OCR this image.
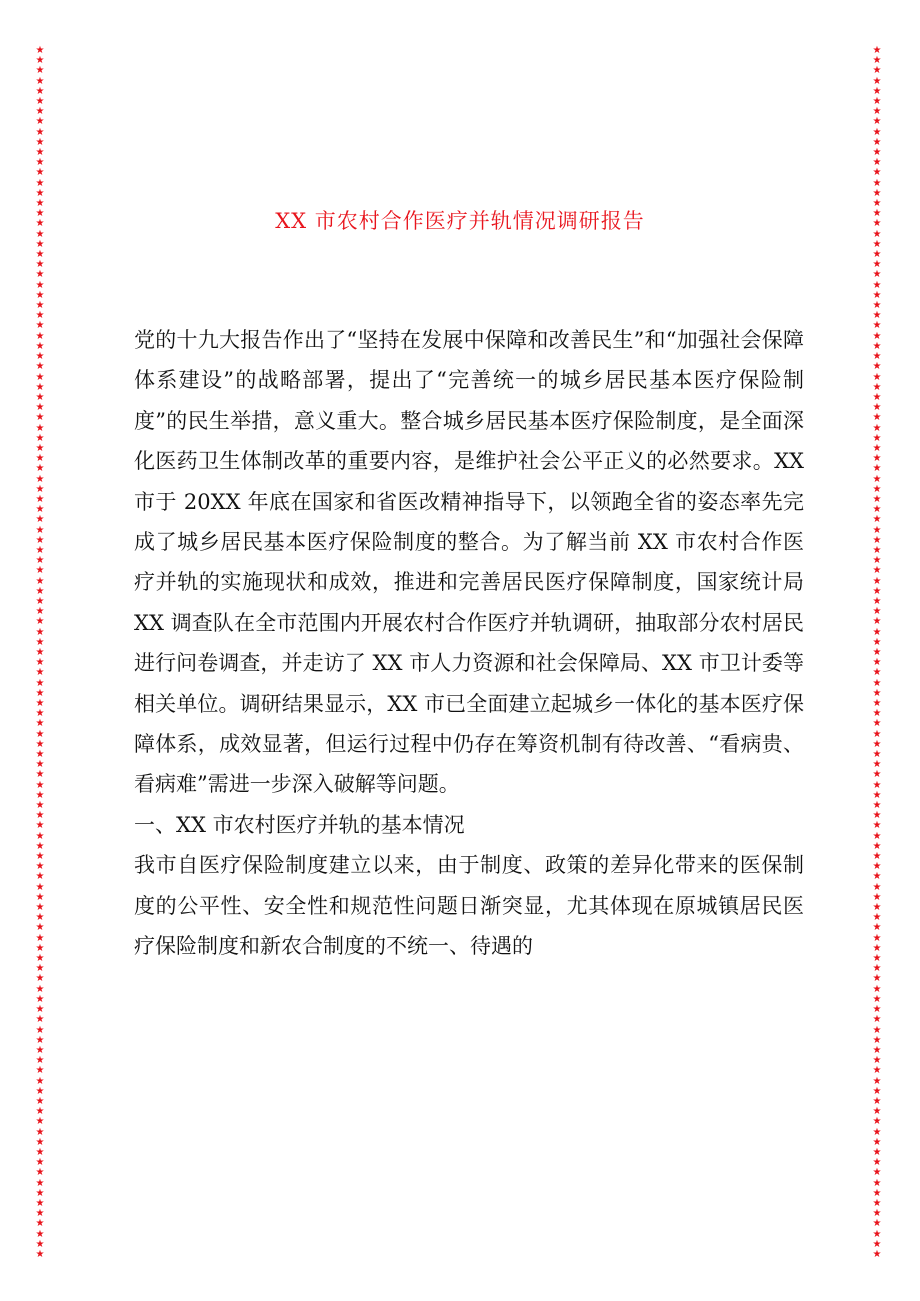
★
★
★
★
★
★
★
★
★
★
★
★
★
★
★
★
★
★
★
★
★
★
★
★
★
★
★
★
★
★
★
★
★
★
★
★
★
★
★
★
★
★
★
★
★
★
★
★
★
★
★
★
★
★
★
★
★
★
★
★
★
★
★
★
★
★
★
★
★
★
★
★
★
★
★
★
★
★
★
★
★
★
★
★
★
★
★
★
★
★
★
★
★
★
★
★
★
★
★
★
★
★
★
★
★
★
★
★
★
★
★
★
★
★
★
★
★
★
★
★
★
★
★
★
★
★
★
★
★
★
★
★
★
★
★
★
★
★
★
★
★
★
★
★
★
★
★
★
★
★
★
★
★
★
★
★
★
★
★
★
★
★
★
★
★
★
★
★
★
★
★
★
★
★
★
★
★
★
★
★
★
★
★
★
★
★
★
★
★
★
★
★
★
★
★
★
★
★
★
★
★
★
★
★
★
★
★
★
★
★
★
★
★
★
★
★
★
★
★
★
★
★
★
★
★
★
★
★
★
★
★
★
★
★
★
★
★
★
XX 市农村合作医疗并轨情况调研报告

党的十九大报告作出了“坚持在发展中保障和改善民生”和“加强社会保障体系建设”的战略部署，提出了“完善统一的城乡居民基本医疗保险制度”的民生举措，意义重大。整合城乡居民基本医疗保险制度，是全面深化医药卫生体制改革的重要内容，是维护社会公平正义的必然要求。XX 市于 20XX 年底在国家和省医改精神指导下，以领跑全省的姿态率先完成了城乡居民基本医疗保险制度的整合。为了解当前 XX 市农村合作医疗并轨的实施现状和成效，推进和完善居民医疗保障制度，国家统计局 XX 调查队在全市范围内开展农村合作医疗并轨调研，抽取部分农村居民进行问卷调查，并走访了 XX 市人力资源和社会保障局、XX 市卫计委等相关单位。调研结果显示，XX 市已全面建立起城乡一体化的基本医疗保障体系，成效显著，但运行过程中仍存在筹资机制有待改善、“看病贵、看病难”需进一步深入破解等问题。

一、XX 市农村医疗并轨的基本情况

我市自医疗保险制度建立以来，由于制度、政策的差异化带来的医保制度的公平性、安全性和规范性问题日渐突显，尤其体现在原城镇居民医疗保险制度和新农合制度的不统一、待遇的
